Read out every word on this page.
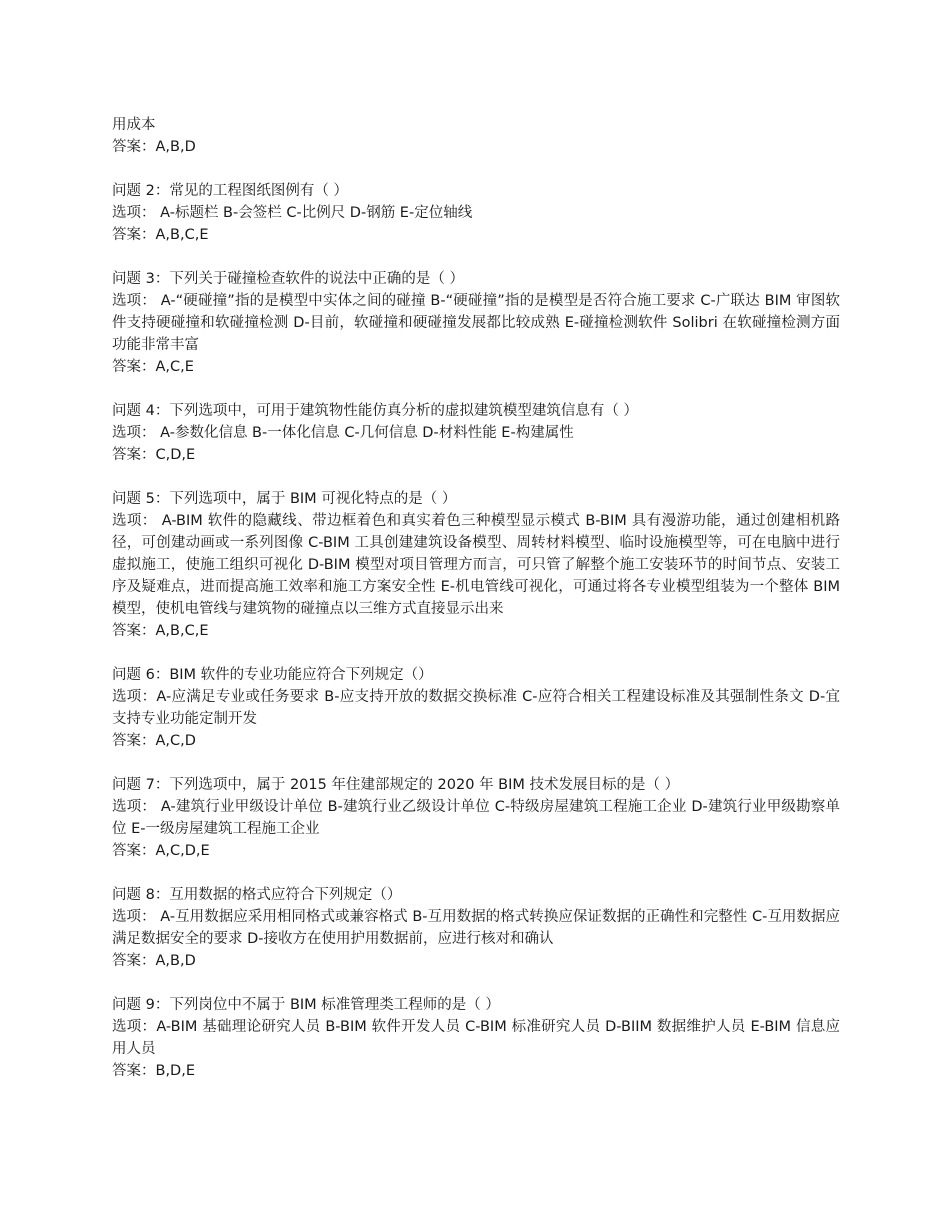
用成本
答案：A,B,D
问题 2：常见的工程图纸图例有（ ）
选项： A-标题栏 B-会签栏 C-比例尺 D-钢筋 E-定位轴线
答案：A,B,C,E
问题 3：下列关于碰撞检查软件的说法中正确的是（ ）
选项： A-“硬碰撞”指的是模型中实体之间的碰撞 B-“硬碰撞”指的是模型是否符合施工要求 C-广联达 BIM 审图软件支持硬碰撞和软碰撞检测 D-目前，软碰撞和硬碰撞发展都比较成熟 E-碰撞检测软件 Solibri 在软碰撞检测方面功能非常丰富
答案：A,C,E
问题 4：下列选项中，可用于建筑物性能仿真分析的虚拟建筑模型建筑信息有（ ）
选项： A-参数化信息 B-一体化信息 C-几何信息 D-材料性能 E-构建属性
答案：C,D,E
问题 5：下列选项中，属于 BIM 可视化特点的是（ ）
选项： A-BIM 软件的隐藏线、带边框着色和真实着色三种模型显示模式 B-BIM 具有漫游功能，通过创建相机路径，可创建动画或一系列图像 C-BIM 工具创建建筑设备模型、周转材料模型、临时设施模型等，可在电脑中进行虚拟施工，使施工组织可视化 D-BIM 模型对项目管理方而言，可只管了解整个施工安装环节的时间节点、安装工序及疑难点，进而提高施工效率和施工方案安全性 E-机电管线可视化，可通过将各专业模型组装为一个整体 BIM 模型，使机电管线与建筑物的碰撞点以三维方式直接显示出来
答案：A,B,C,E
问题 6：BIM 软件的专业功能应符合下列规定（）
选项：A-应满足专业或任务要求 B-应支持开放的数据交换标准 C-应符合相关工程建设标准及其强制性条文 D-宜支持专业功能定制开发
答案：A,C,D
问题 7：下列选项中，属于 2015 年住建部规定的 2020 年 BIM 技术发展目标的是（ ）
选项： A-建筑行业甲级设计单位 B-建筑行业乙级设计单位 C-特级房屋建筑工程施工企业 D-建筑行业甲级勘察单位 E-一级房屋建筑工程施工企业
答案：A,C,D,E
问题 8：互用数据的格式应符合下列规定（）
选项： A-互用数据应采用相同格式或兼容格式 B-互用数据的格式转换应保证数据的正确性和完整性 C-互用数据应满足数据安全的要求 D-接收方在使用护用数据前，应进行核对和确认
答案：A,B,D
问题 9：下列岗位中不属于 BIM 标准管理类工程师的是（ ）
选项：A-BIM 基础理论研究人员 B-BIM 软件开发人员 C-BIM 标准研究人员 D-BIIM 数据维护人员 E-BIM 信息应用人员
答案：B,D,E
